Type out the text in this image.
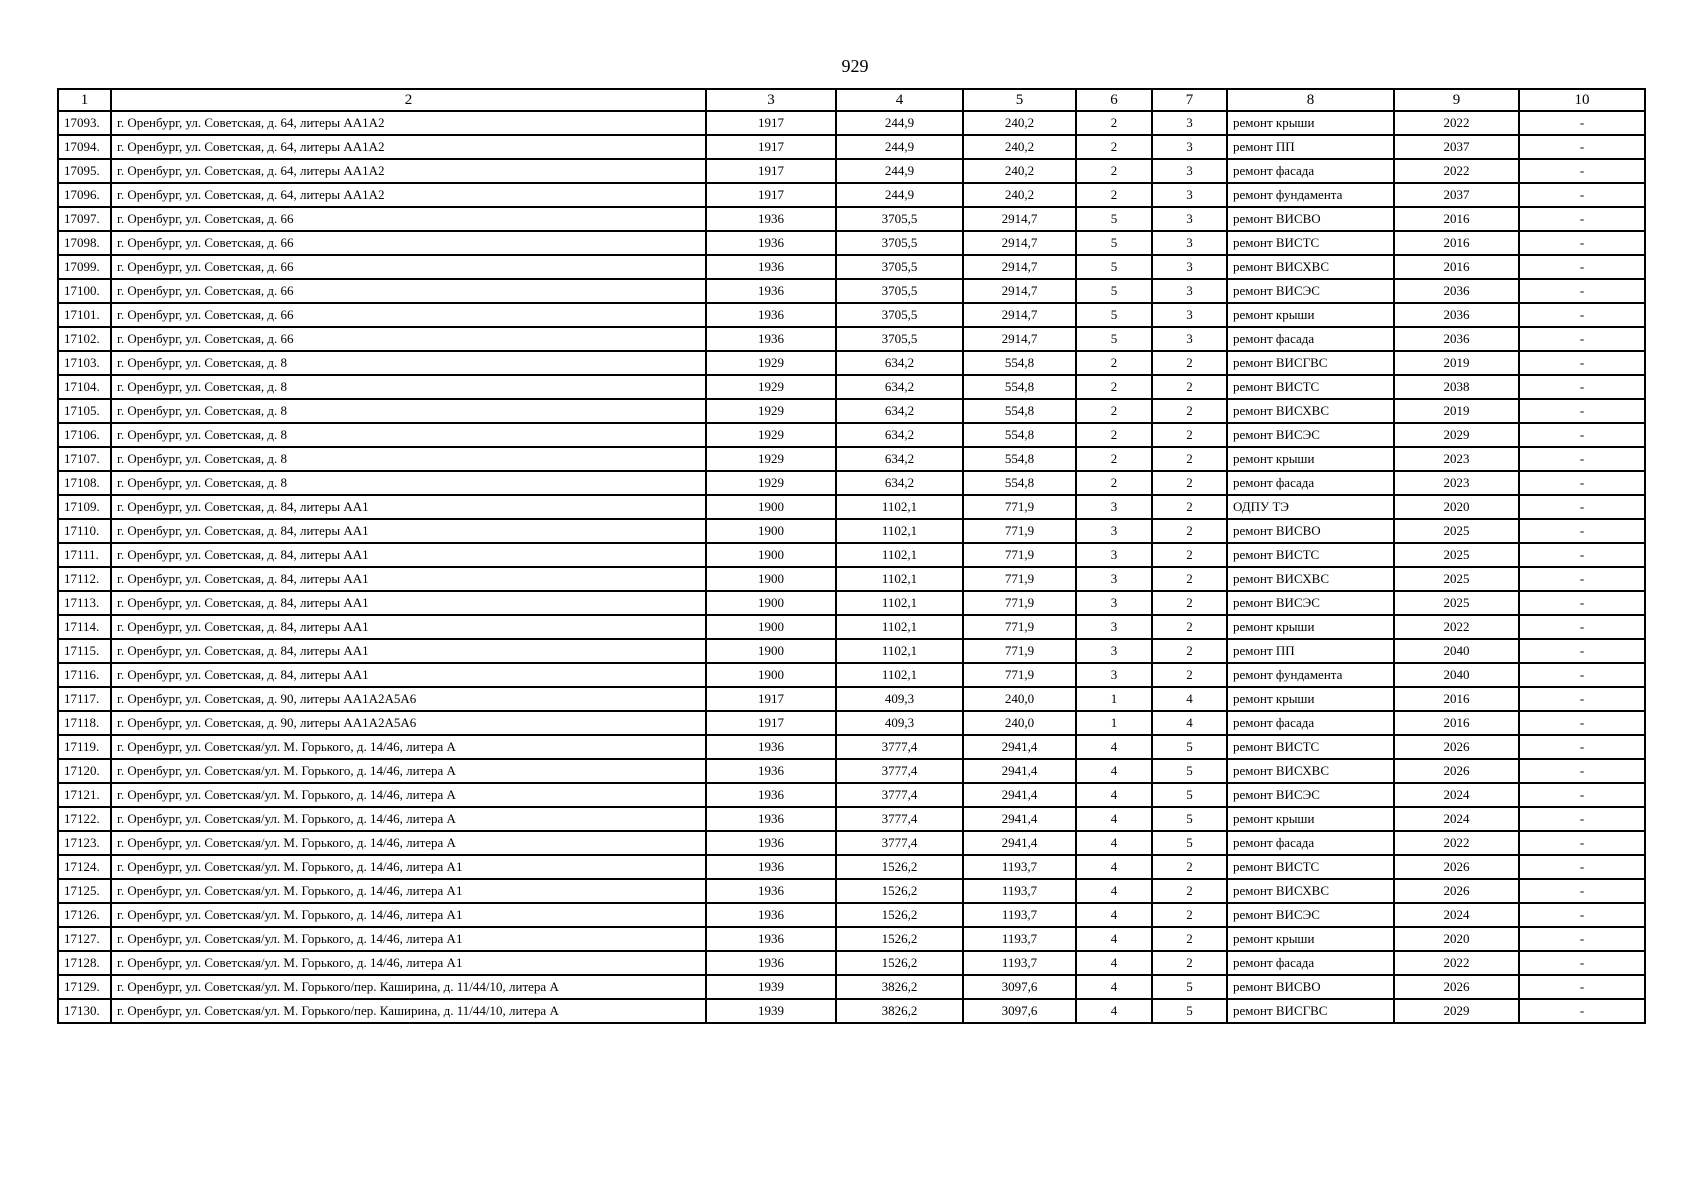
929
1	2	3	4	5	6	7	8	9	10
17093.	г. Оренбург, ул. Советская, д. 64, литеры АА1А2	1917	244,9	240,2	2	3	ремонт крыши	2022	-
17094.	г. Оренбург, ул. Советская, д. 64, литеры АА1А2	1917	244,9	240,2	2	3	ремонт ПП	2037	-
17095.	г. Оренбург, ул. Советская, д. 64, литеры АА1А2	1917	244,9	240,2	2	3	ремонт фасада	2022	-
17096.	г. Оренбург, ул. Советская, д. 64, литеры АА1А2	1917	244,9	240,2	2	3	ремонт фундамента	2037	-
17097.	г. Оренбург, ул. Советская, д. 66	1936	3705,5	2914,7	5	3	ремонт ВИСВО	2016	-
17098.	г. Оренбург, ул. Советская, д. 66	1936	3705,5	2914,7	5	3	ремонт ВИСТС	2016	-
17099.	г. Оренбург, ул. Советская, д. 66	1936	3705,5	2914,7	5	3	ремонт ВИСХВС	2016	-
17100.	г. Оренбург, ул. Советская, д. 66	1936	3705,5	2914,7	5	3	ремонт ВИСЭС	2036	-
17101.	г. Оренбург, ул. Советская, д. 66	1936	3705,5	2914,7	5	3	ремонт крыши	2036	-
17102.	г. Оренбург, ул. Советская, д. 66	1936	3705,5	2914,7	5	3	ремонт фасада	2036	-
17103.	г. Оренбург, ул. Советская, д. 8	1929	634,2	554,8	2	2	ремонт ВИСГВС	2019	-
17104.	г. Оренбург, ул. Советская, д. 8	1929	634,2	554,8	2	2	ремонт ВИСТС	2038	-
17105.	г. Оренбург, ул. Советская, д. 8	1929	634,2	554,8	2	2	ремонт ВИСХВС	2019	-
17106.	г. Оренбург, ул. Советская, д. 8	1929	634,2	554,8	2	2	ремонт ВИСЭС	2029	-
17107.	г. Оренбург, ул. Советская, д. 8	1929	634,2	554,8	2	2	ремонт крыши	2023	-
17108.	г. Оренбург, ул. Советская, д. 8	1929	634,2	554,8	2	2	ремонт фасада	2023	-
17109.	г. Оренбург, ул. Советская, д. 84, литеры АА1	1900	1102,1	771,9	3	2	ОДПУ ТЭ	2020	-
17110.	г. Оренбург, ул. Советская, д. 84, литеры АА1	1900	1102,1	771,9	3	2	ремонт ВИСВО	2025	-
17111.	г. Оренбург, ул. Советская, д. 84, литеры АА1	1900	1102,1	771,9	3	2	ремонт ВИСТС	2025	-
17112.	г. Оренбург, ул. Советская, д. 84, литеры АА1	1900	1102,1	771,9	3	2	ремонт ВИСХВС	2025	-
17113.	г. Оренбург, ул. Советская, д. 84, литеры АА1	1900	1102,1	771,9	3	2	ремонт ВИСЭС	2025	-
17114.	г. Оренбург, ул. Советская, д. 84, литеры АА1	1900	1102,1	771,9	3	2	ремонт крыши	2022	-
17115.	г. Оренбург, ул. Советская, д. 84, литеры АА1	1900	1102,1	771,9	3	2	ремонт ПП	2040	-
17116.	г. Оренбург, ул. Советская, д. 84, литеры АА1	1900	1102,1	771,9	3	2	ремонт фундамента	2040	-
17117.	г. Оренбург, ул. Советская, д. 90, литеры АА1А2А5А6	1917	409,3	240,0	1	4	ремонт крыши	2016	-
17118.	г. Оренбург, ул. Советская, д. 90, литеры АА1А2А5А6	1917	409,3	240,0	1	4	ремонт фасада	2016	-
17119.	г. Оренбург, ул. Советская/ул. М. Горького, д. 14/46, литера А	1936	3777,4	2941,4	4	5	ремонт ВИСТС	2026	-
17120.	г. Оренбург, ул. Советская/ул. М. Горького, д. 14/46, литера А	1936	3777,4	2941,4	4	5	ремонт ВИСХВС	2026	-
17121.	г. Оренбург, ул. Советская/ул. М. Горького, д. 14/46, литера А	1936	3777,4	2941,4	4	5	ремонт ВИСЭС	2024	-
17122.	г. Оренбург, ул. Советская/ул. М. Горького, д. 14/46, литера А	1936	3777,4	2941,4	4	5	ремонт крыши	2024	-
17123.	г. Оренбург, ул. Советская/ул. М. Горького, д. 14/46, литера А	1936	3777,4	2941,4	4	5	ремонт фасада	2022	-
17124.	г. Оренбург, ул. Советская/ул. М. Горького, д. 14/46, литера А1	1936	1526,2	1193,7	4	2	ремонт ВИСТС	2026	-
17125.	г. Оренбург, ул. Советская/ул. М. Горького, д. 14/46, литера А1	1936	1526,2	1193,7	4	2	ремонт ВИСХВС	2026	-
17126.	г. Оренбург, ул. Советская/ул. М. Горького, д. 14/46, литера А1	1936	1526,2	1193,7	4	2	ремонт ВИСЭС	2024	-
17127.	г. Оренбург, ул. Советская/ул. М. Горького, д. 14/46, литера А1	1936	1526,2	1193,7	4	2	ремонт крыши	2020	-
17128.	г. Оренбург, ул. Советская/ул. М. Горького, д. 14/46, литера А1	1936	1526,2	1193,7	4	2	ремонт фасада	2022	-
17129.	г. Оренбург, ул. Советская/ул. М. Горького/пер. Каширина, д. 11/44/10, литера А	1939	3826,2	3097,6	4	5	ремонт ВИСВО	2026	-
17130.	г. Оренбург, ул. Советская/ул. М. Горького/пер. Каширина, д. 11/44/10, литера А	1939	3826,2	3097,6	4	5	ремонт ВИСГВС	2029	-
